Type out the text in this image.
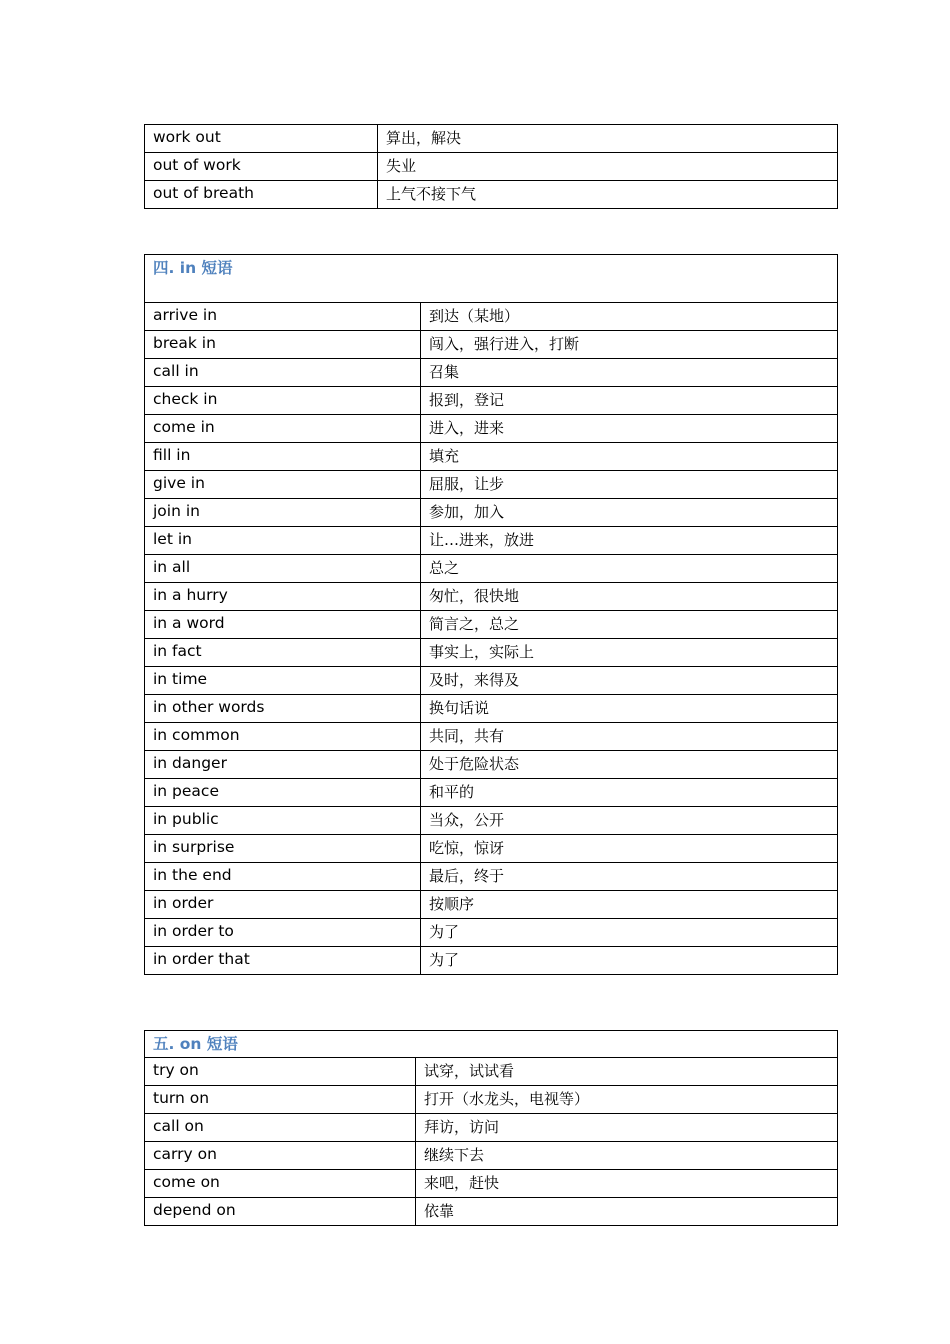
work out	算出，解决
out of work	失业
out of breath	上气不接下气
四. in 短语	
arrive in	到达（某地）
break in	闯入，强行进入，打断
call in	召集
check in	报到，登记
come in	进入，进来
fill in	填充
give in	屈服，让步
join in	参加，加入
let in	让…进来，放进
in all	总之
in a hurry	匆忙，很快地
in a word	简言之，总之
in fact	事实上，实际上
in time	及时，来得及
in other words	换句话说
in common	共同，共有
in danger	处于危险状态
in peace	和平的
in public	当众，公开
in surprise	吃惊，惊讶
in the end	最后，终于
in order	按顺序
in order to	为了
in order that	为了
五. on 短语	
try on	试穿，试试看
turn on	打开（水龙头，电视等）
call on	拜访，访问
carry on	继续下去
come on	来吧，赶快
depend on	依靠
